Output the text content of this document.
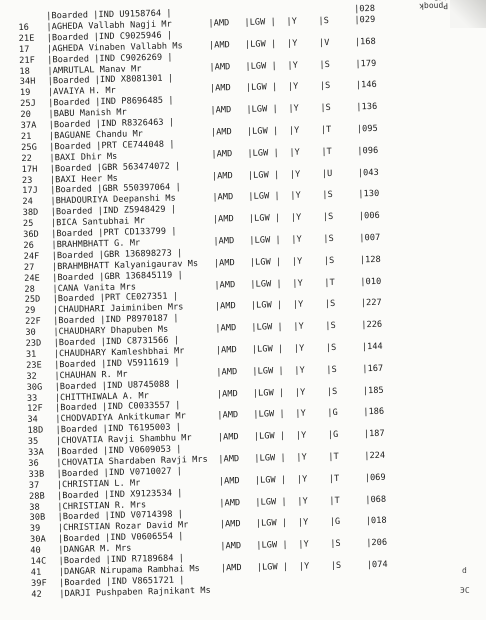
Ppnoqk
|Boarded |IND U9158764 |	|028
16 |AGHEDA Vallabh Nagji Mr	|AMD |LGW | |Y |S	|029
21E |Boarded |IND C9025946 |
17 |AGHEDA Vinaben Vallabh Ms	|AMD |LGW | |Y |V	|168
21F |Boarded |IND C9026269 |
18 |AMRUTLAL Manav Mr	|AMD |LGW | |Y |S	|179
34H |Boarded |IND X8081301 |
19 |AVAIYA H. Mr	|AMD |LGW | |Y |S	|146
25J |Boarded |IND P8696485 |
20 |BABU Manish Mr	|AMD |LGW | |Y |S	|136
37A |Boarded |IND R8326463 |
21 |BAGUANE Chandu Mr	|AMD |LGW | |Y |T	|095
25G |Boarded |PRT CE744048 |
22 |BAXI Dhir Ms	|AMD |LGW | |Y |T	|096
17H |Boarded |GBR 563474072 |
23 |BAXI Heer Ms	|AMD |LGW | |Y |U	|043
17J |Boarded |GBR 550397064 |
24 |BHADOURIYA Deepanshi Ms	|AMD |LGW | |Y |S	|130
38D |Boarded |IND Z5948429 |
25 |BICA Santubhai Mr	|AMD |LGW | |Y |S	|006
36D |Boarded |PRT CD133799 |
26 |BRAHMBHATT G. Mr	|AMD |LGW | |Y |S	|007
24F |Boarded |GBR 136898273 |
27 |BRAHMBHATT Kalyanigaurav Ms |AMD |LGW | |Y |S	|128
24E |Boarded |GBR 136845119 |
28 |CANA Vanita Mrs	|AMD |LGW | |Y |T	|010
25D |Boarded |PRT CE027351 |
29 |CHAUDHARI Jaiminiben Mrs	|AMD |LGW | |Y |S	|227
22F |Boarded |IND P8970187 |
30 |CHAUDHARY Dhapuben Ms	|AMD |LGW | |Y |S	|226
23D |Boarded |IND C8731566 |
31 |CHAUDHARY Kamleshbhai Mr	|AMD |LGW | |Y |S	|144
23E |Boarded |IND V5911619 |
32 |CHAUHAN R. Mr	|AMD |LGW | |Y |S	|167
30G |Boarded |IND U8745088 |
33 |CHITTHIWALA A. Mr	|AMD |LGW | |Y |S	|185
12F |Boarded |IND C0033557 |
34 |CHODVADIYA Ankitkumar Mr	|AMD |LGW | |Y |G	|186
18D |Boarded |IND T6195003 |
35 |CHOVATIA Ravji Shambhu Mr	|AMD |LGW | |Y |G	|187
33A |Boarded |IND V0609053 |
36 |CHOVATIA Shardaben Ravji Mrs |AMD |LGW | |Y |T	|224
33B |Boarded |IND V0710027 |
37 |CHRISTIAN L. Mr	|AMD |LGW | |Y |T	|069
28B |Boarded |IND X9123534 |
38 |CHRISTIAN R. Mrs	|AMD |LGW | |Y |T	|068
30B |Boarded |IND V0714398 |
39 |CHRISTIAN Rozar David Mr	|AMD |LGW | |Y |G	|018
30A |Boarded |IND V0606554 |
40 |DANGAR M. Mrs	|AMD |LGW | |Y |S	|206
14C |Boarded |IND R7189684 |
41 |DANGAR Nirupama Rambhai Ms |AMD |LGW | |Y |S	|074
39F |Boarded |IND V8651721 |
42 |DARJI Pushpaben Rajnikant Ms
d
ЭС
